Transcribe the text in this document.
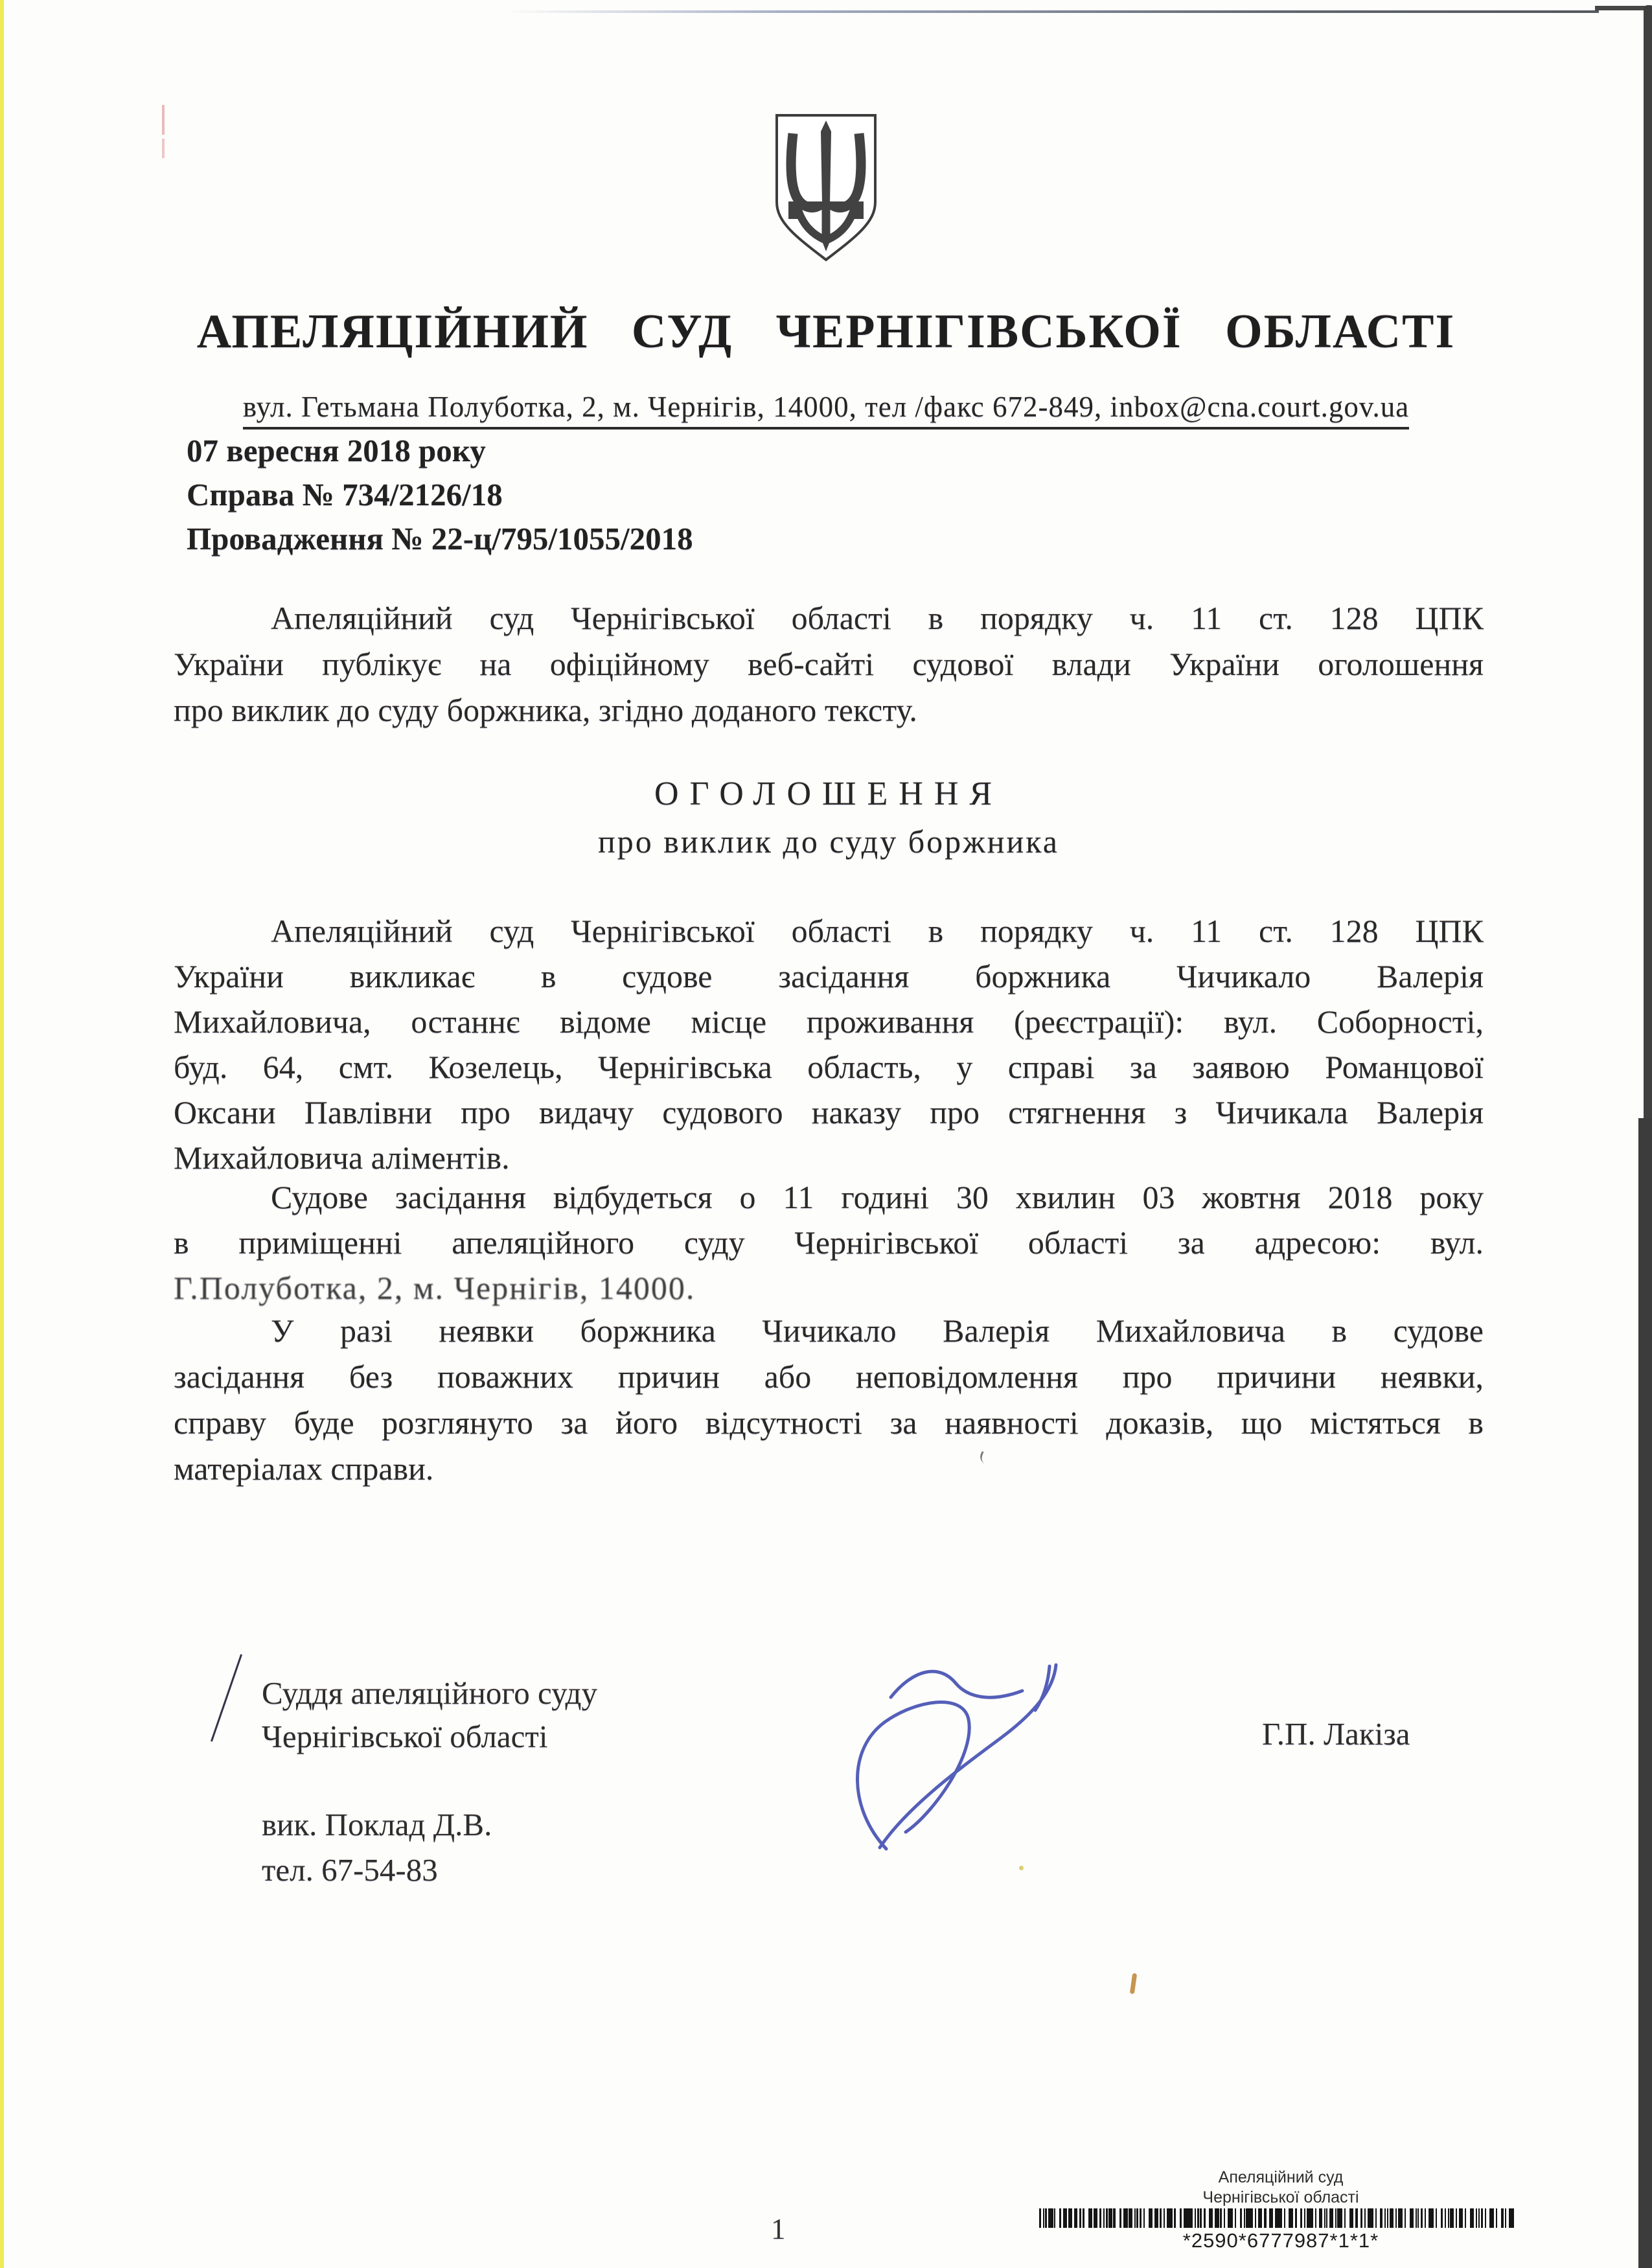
АПЕЛЯЦІЙНИЙ СУД ЧЕРНІГІВСЬКОЇ ОБЛАСТІ
вул. Гетьмана Полуботка, 2, м. Чернігів, 14000, тел /факс 672-849, inbox@cna.court.gov.ua
07 вересня 2018 року
Справа № 734/2126/18
Провадження № 22-ц/795/1055/2018
Апеляційний суд Чернігівської області в порядку ч. 11 ст. 128 ЦПК
України публікує на офіційному веб-сайті судової влади України оголошення
про виклик до суду боржника, згідно доданого тексту.
ОГОЛОШЕННЯ
про виклик до суду боржника
Апеляційний суд Чернігівської області в порядку ч. 11 ст. 128 ЦПК
України викликає в судове засідання боржника Чичикало Валерія
Михайловича, останнє відоме місце проживання (реєстрації): вул. Соборності,
буд. 64, смт. Козелець, Чернігівська область, у справі за заявою Романцової
Оксани Павлівни про видачу судового наказу про стягнення з Чичикала Валерія
Михайловича аліментів.
Судове засідання відбудеться о 11 годині 30 хвилин 03 жовтня 2018 року
в приміщенні апеляційного суду Чернігівської області за адресою: вул.
Г.Полуботка, 2, м. Чернігів, 14000.
У разі неявки боржника Чичикало Валерія Михайловича в судове
засідання без поважних причин або неповідомлення про причини неявки,
справу буде розглянуто за його відсутності за наявності доказів, що містяться в
матеріалах справи.
Суддя апеляційного суду
Чернігівської області	Г.П. Лакіза
вик. Поклад Д.В.
тел. 67-54-83
Апеляційний суд
Чернігівської області
*2590*6777987*1*1*
1
